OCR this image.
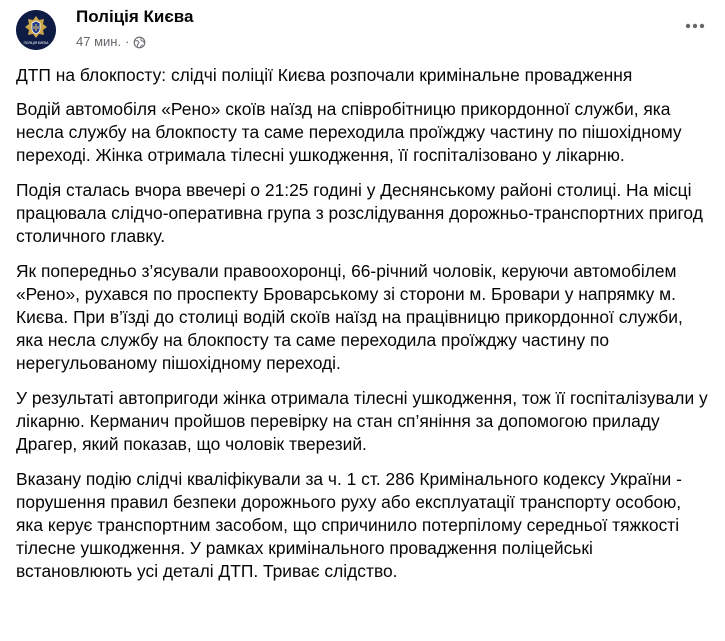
ПОЛІЦІЯ КИЄВА
Поліція Києва
47 мин. ·

ДТП на блокпосту: слідчі поліції Києва розпочали кримінальне провадження

Водій автомобіля «Рено» скоїв наїзд на співробітницю прикордонної служби, яка несла службу на блокпосту та саме переходила проїжджу частину по пішохідному переході. Жінка отримала тілесні ушкодження, її госпіталізовано у лікарню.

Подія сталась вчора ввечері о 21:25 годині у Деснянському районі столиці. На місці працювала слідчо-оперативна група з розслідування дорожньо-транспортних пригод столичного главку.

Як попередньо з’ясували правоохоронці, 66-річний чоловік, керуючи автомобілем «Рено», рухався по проспекту Броварському зі сторони м. Бровари у напрямку м. Києва. При в’їзді до столиці водій скоїв наїзд на працівницю прикордонної служби, яка несла службу на блокпосту та саме переходила проїжджу частину по нерегульованому пішохідному переході.

У результаті автопригоди жінка отримала тілесні ушкодження, тож її госпіталізували у лікарню. Керманич пройшов перевірку на стан сп’яніння за допомогою приладу Драгер, який показав, що чоловік тверезий.

Вказану подію слідчі кваліфікували за ч. 1 ст. 286 Кримінального кодексу України - порушення правил безпеки дорожнього руху або експлуатації транспорту особою, яка керує транспортним засобом, що спричинило потерпілому середньої тяжкості тілесне ушкодження. У рамках кримінального провадження поліцейські встановлюють усі деталі ДТП. Триває слідство.
